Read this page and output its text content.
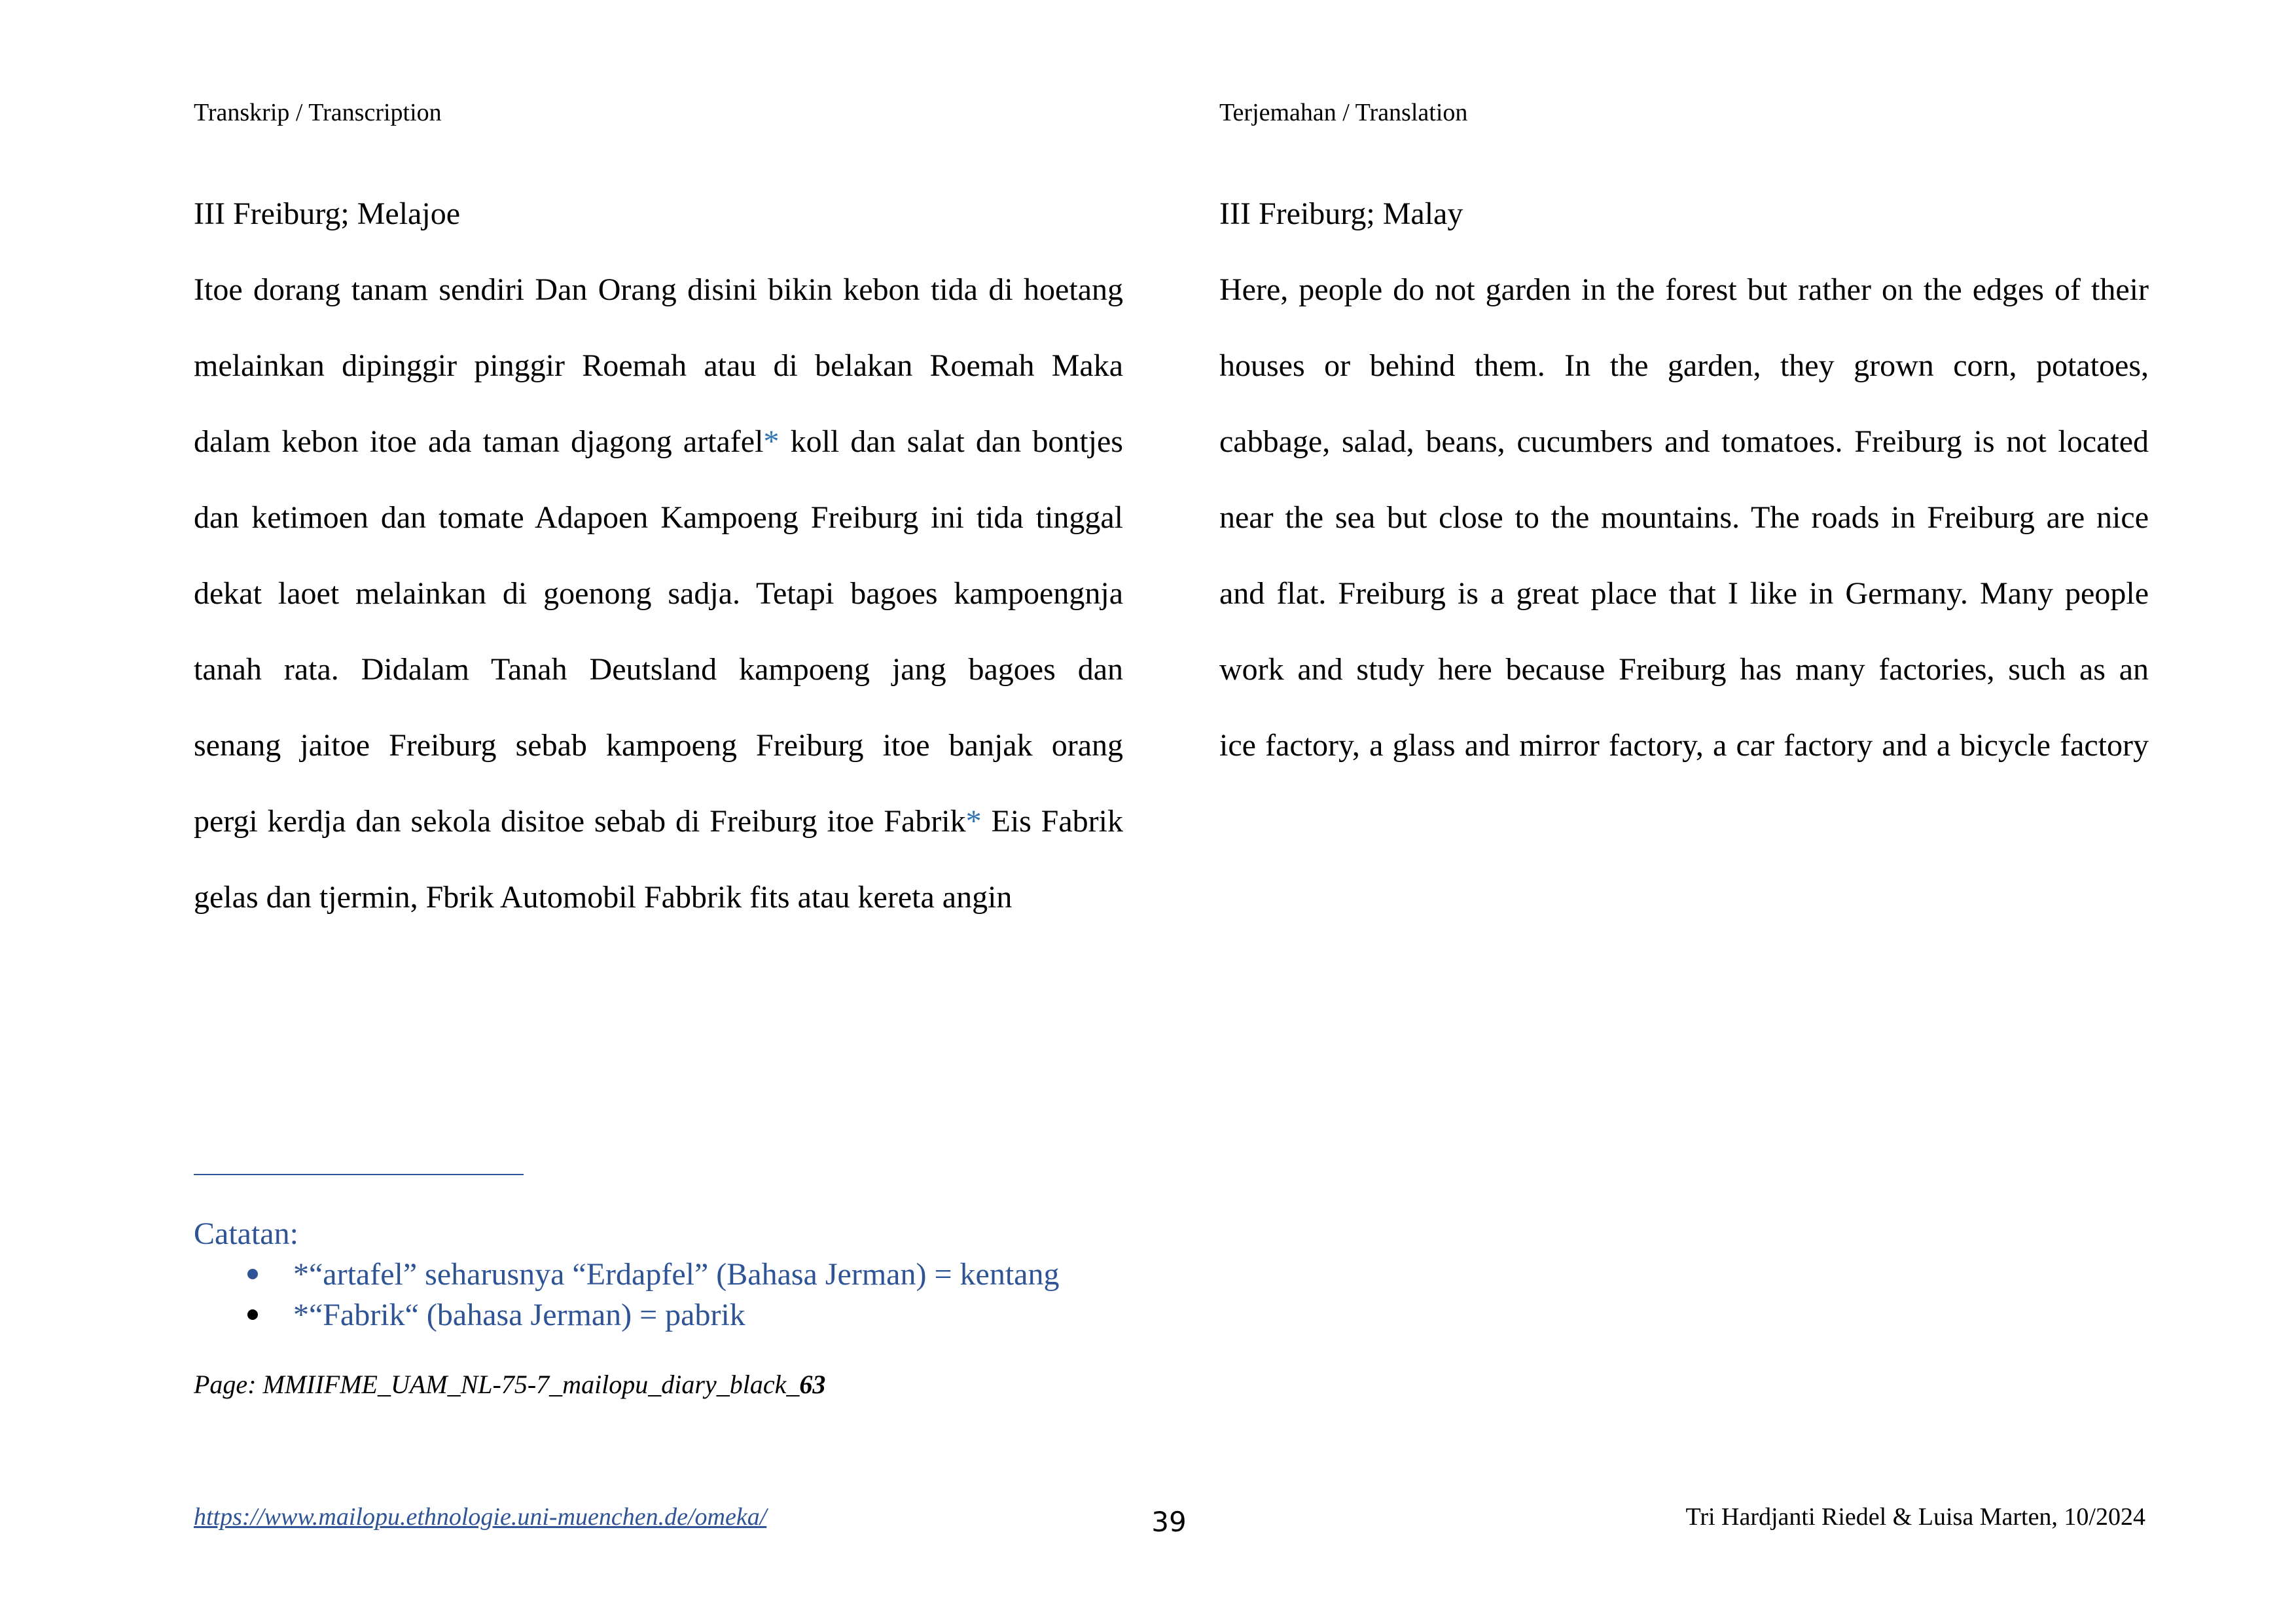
Transkrip / Transcription	Terjemahan / Translation
III Freiburg; Melajoe	III Freiburg; Malay
Itoe dorang tanam sendiri Dan Orang disini bikin kebon tida di hoetang
melainkan dipinggir pinggir Roemah atau di belakan Roemah Maka
dalam kebon itoe ada taman djagong artafel* koll dan salat dan bontjes
dan ketimoen dan tomate Adapoen Kampoeng Freiburg ini tida tinggal
dekat laoet melainkan di goenong sadja. Tetapi bagoes kampoengnja
tanah rata. Didalam Tanah Deutsland kampoeng jang bagoes dan
senang jaitoe Freiburg sebab kampoeng Freiburg itoe banjak orang
pergi kerdja dan sekola disitoe sebab di Freiburg itoe Fabrik* Eis Fabrik
gelas dan tjermin, Fbrik Automobil Fabbrik fits atau kereta angin
Here, people do not garden in the forest but rather on the edges of their
houses or behind them. In the garden, they grown corn, potatoes,
cabbage, salad, beans, cucumbers and tomatoes. Freiburg is not located
near the sea but close to the mountains. The roads in Freiburg are nice
and flat. Freiburg is a great place that I like in Germany. Many people
work and study here because Freiburg has many factories, such as an
ice factory, a glass and mirror factory, a car factory and a bicycle factory
Catatan:
*“artafel” seharusnya “Erdapfel” (Bahasa Jerman) = kentang
*“Fabrik“ (bahasa Jerman) = pabrik
Page: MMIIFME_UAM_NL-75-7_mailopu_diary_black_63
https://www.mailopu.ethnologie.uni-muenchen.de/omeka/	39	Tri Hardjanti Riedel & Luisa Marten, 10/2024
